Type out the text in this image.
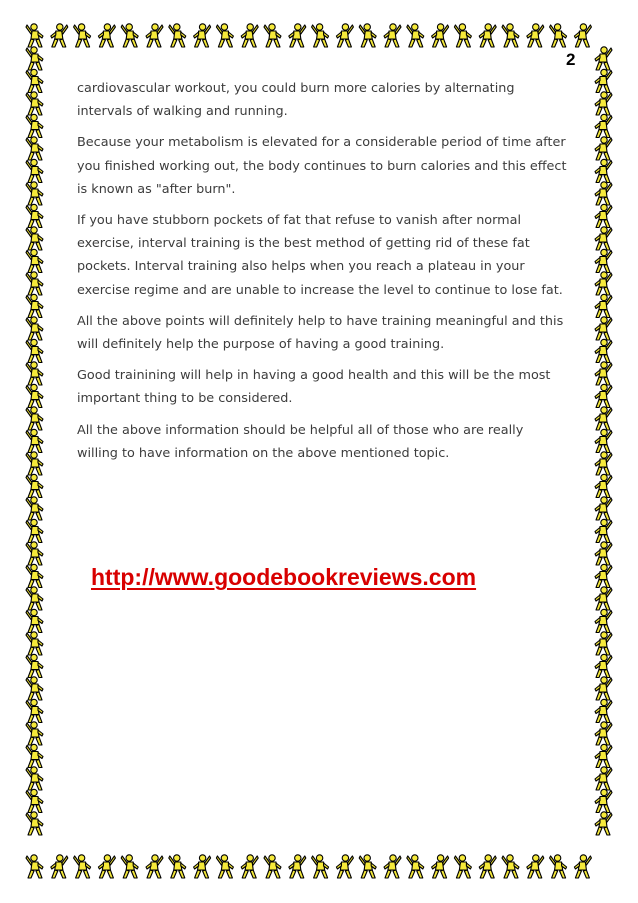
2

cardiovascular workout, you could burn more calories by alternating intervals of walking and running.

Because your metabolism is elevated for a considerable period of time after you finished working out, the body continues to burn calories and this effect is known as "after burn".

If you have stubborn pockets of fat that refuse to vanish after normal exercise, interval training is the best method of getting rid of these fat pockets. Interval training also helps when you reach a plateau in your exercise regime and are unable to increase the level to continue to lose fat.

All the above points will definitely help to have training meaningful and this will definitely help the purpose of having a good training.

Good trainining will help in having a good health and this will be the most important thing to be considered.

All the above information should be helpful all of those who are really willing to have information on the above mentioned topic.

http://www.goodebookreviews.com
